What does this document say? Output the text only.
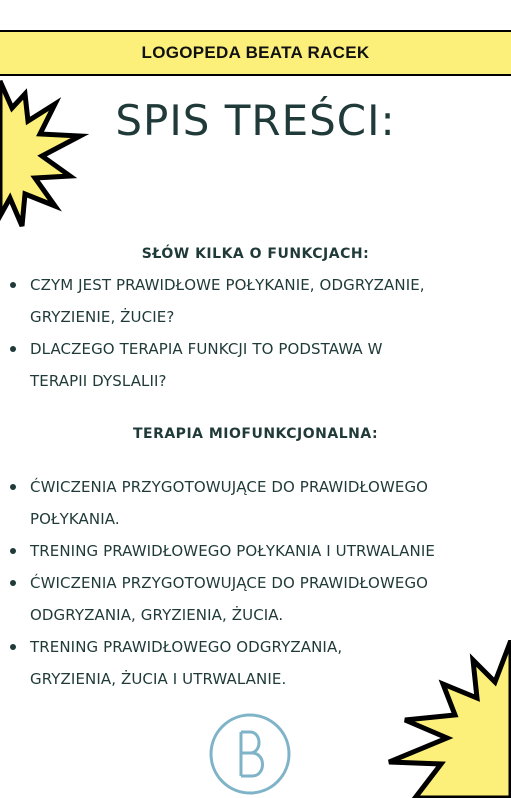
LOGOPEDA BEATA RACEK
SPIS TREŚCI:
SŁÓW KILKA O FUNKCJACH:
CZYM JEST PRAWIDŁOWE POŁYKANIE, ODGRYZANIE,
GRYZIENIE, ŻUCIE?
DLACZEGO TERAPIA FUNKCJI TO PODSTAWA W
TERAPII DYSLALII?
TERAPIA MIOFUNKCJONALNA:
ĆWICZENIA PRZYGOTOWUJĄCE DO PRAWIDŁOWEGO
POŁYKANIA.
TRENING PRAWIDŁOWEGO POŁYKANIA I UTRWALANIE
ĆWICZENIA PRZYGOTOWUJĄCE DO PRAWIDŁOWEGO
ODGRYZANIA, GRYZIENIA, ŻUCIA.
TRENING PRAWIDŁOWEGO ODGRYZANIA,
GRYZIENIA, ŻUCIA I UTRWALANIE.
